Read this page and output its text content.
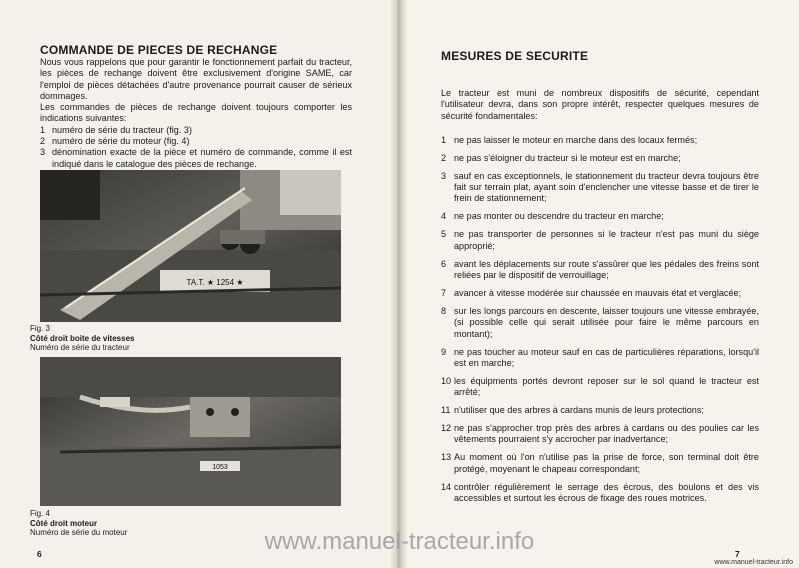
COMMANDE DE PIECES DE RECHANGE

Nous vous rappelons que pour garantir le fonctionnement parfait du tracteur, les pièces de rechange doivent être exclusivement d'origine SAME, car l'emploi de pièces détachées d'autre provenance pourrait causer de sérieux dommages.

Les commandes de pièces de rechange doivent toujours comporter les indications suivantes:

1 numéro de série du tracteur (fig. 3)
2 numéro de série du moteur (fig. 4)
3 dénomination exacte de la pièce et numéro de commande, comme il est indiqué dans le catalogue des pièces de rechange.
TA.T. ★ 1254 ★
Fig. 3
Côté droit boite de vitesses
Numéro de série du tracteur
1053
Fig. 4
Côté droit moteur
Numéro de série du moteur
6
MESURES DE SECURITE

Le tracteur est muni de nombreux dispositifs de sécurité, cependant l'utilisateur devra, dans son propre intérêt, respecter quelques mesures de sécurité fondamentales:

1 ne pas laisser le moteur en marche dans des locaux fermés;
2 ne pas s'éloigner du tracteur si le moteur est en marche;
3 sauf en cas exceptionnels, le stationnement du tracteur devra toujours être fait sur terrain plat, ayant soin d'enclencher une vitesse basse et de tirer le frein de stationnement;
4 ne pas monter ou descendre du tracteur en marche;
5 ne pas transporter de personnes si le tracteur n'est pas muni du siège approprié;
6 avant les déplacements sur route s'assûrer que les pédales des freins sont reliées par le dispositif de verrouillage;
7 avancer à vitesse modérée sur chaussée en mauvais état et verglacée;
8 sur les longs parcours en descente, laisser toujours une vitesse embrayée, (si possible celle qui serait utilisée pour faire le même parcours en montant);
9 ne pas toucher au moteur sauf en cas de particulières réparations, lorsqu'il est en marche;
10 les équipments portés devront reposer sur le sol quand le tracteur est arrêté;
11 n'utiliser que des arbres à cardans munis de leurs protections;
12 ne pas s'approcher trop près des arbres à cardans ou des poulies car les vêtements pourraient s'y accrocher par inadvertance;
13 Au moment où l'on n'utilise pas la prise de force, son terminal doit être protégé, moyenant le chapeau correspondant;
14 contrôler régulièrement le serrage des écrous, des boulons et des vis accessibles et surtout les écrous de fixage des roues motrices.
7
www.manuel-tracteur.info
www.manuel-tracteur.info
